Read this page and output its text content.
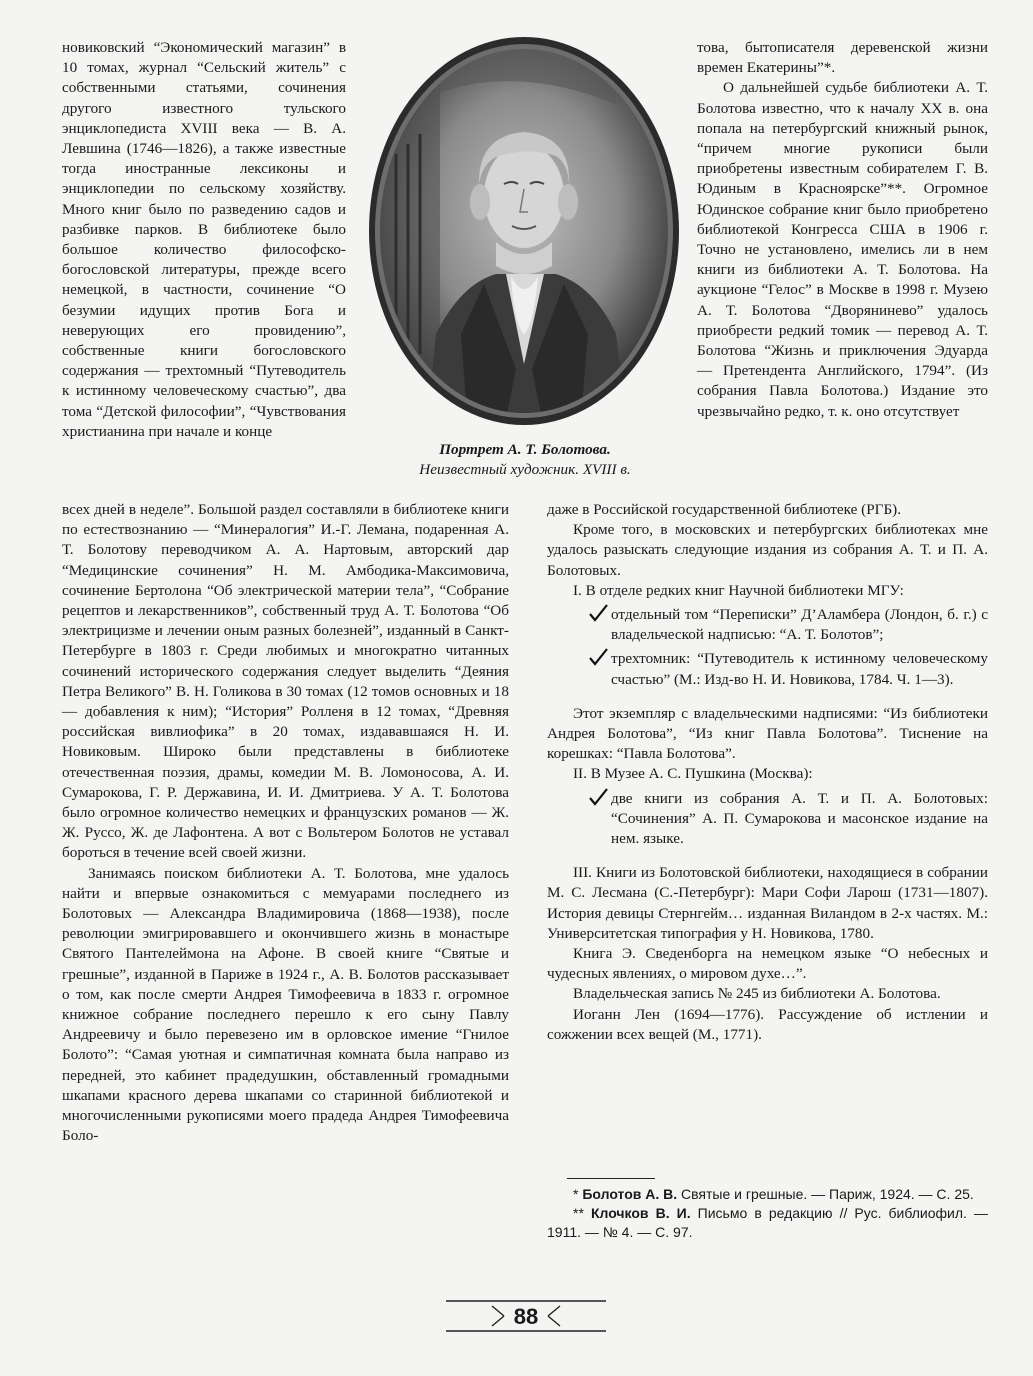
новиковский “Экономический магазин” в 10 томах, журнал “Сельский житель” с собственными статьями, сочинения другого известного тульского энциклопедиста XVIII века — В. А. Левшина (1746—1826), а также известные тогда иностранные лексиконы и энциклопедии по сельскому хозяйству. Много книг было по разведению садов и разбивке парков. В библиотеке было большое количество философско-богословской литературы, прежде всего немецкой, в частности, сочинение “О безумии идущих против Бога и неверующих его провидению”, собственные книги богословского содержания — трехтомный “Путеводитель к истинному человеческому счастью”, два тома “Детской философии”, “Чувствования христианина при начале и конце

Портрет А. Т. Болотова.
Неизвестный художник. XVIII в.

това, бытописателя деревенской жизни времен Екатерины”*.

О дальнейшей судьбе библиотеки А. Т. Болотова известно, что к началу XX в. она попала на петербургский книжный рынок, “причем многие рукописи были приобретены известным собирателем Г. В. Юдиным в Красноярске”**. Огромное Юдинское собрание книг было приобретено библиотекой Конгресса США в 1906 г. Точно не установлено, имелись ли в нем книги из библиотеки А. Т. Болотова. На аукционе “Гелос” в Москве в 1998 г. Музею А. Т. Болотова “Дворянинево” удалось приобрести редкий томик — перевод А. Т. Болотова “Жизнь и приключения Эдуарда — Претендента Английского, 1794”. (Из собрания Павла Болотова.) Издание это чрезвычайно редко, т. к. оно отсутствует

всех дней в неделе”. Большой раздел составляли в библиотеке книги по естествознанию — “Минералогия” И.-Г. Лемана, подаренная А. Т. Болотову переводчиком А. А. Нартовым, авторский дар “Медицинские сочинения” Н. М. Амбодика-Максимовича, сочинение Бертолона “Об электрической материи тела”, “Собрание рецептов и лекарственников”, собственный труд А. Т. Болотова “Об электрицизме и лечении оным разных болезней”, изданный в Санкт-Петербурге в 1803 г. Среди любимых и многократно читанных сочинений исторического содержания следует выделить “Деяния Петра Великого” В. Н. Голикова в 30 томах (12 томов основных и 18 — добавления к ним); “История” Ролленя в 12 томах, “Древняя российская вивлиофика” в 20 томах, издававшаяся Н. И. Новиковым. Широко были представлены в библиотеке отечественная поэзия, драмы, комедии М. В. Ломоносова, А. И. Сумарокова, Г. Р. Державина, И. И. Дмитриева. У А. Т. Болотова было огромное количество немецких и французских романов — Ж. Ж. Руссо, Ж. де Лафонтена. А вот с Вольтером Болотов не уставал бороться в течение всей своей жизни.

Занимаясь поиском библиотеки А. Т. Болотова, мне удалось найти и впервые ознакомиться с мемуарами последнего из Болотовых — Александра Владимировича (1868—1938), после революции эмигрировавшего и окончившего жизнь в монастыре Святого Пантелеймона на Афоне. В своей книге “Святые и грешные”, изданной в Париже в 1924 г., А. В. Болотов рассказывает о том, как после смерти Андрея Тимофеевича в 1833 г. огромное книжное собрание последнего перешло к его сыну Павлу Андреевичу и было перевезено им в орловское имение “Гнилое Болото”: “Самая уютная и симпатичная комната была направо из передней, это кабинет прадедушкин, обставленный громадными шкапами красного дерева шкапами со старинной библиотекой и многочисленными рукописями моего прадеда Андрея Тимофеевича Боло-

даже в Российской государственной библиотеке (РГБ).

Кроме того, в московских и петербургских библиотеках мне удалось разыскать следующие издания из собрания А. Т. и П. А. Болотовых.

I. В отделе редких книг Научной библиотеки МГУ:

отдельный том “Переписки” Д’Аламбера (Лондон, б. г.) с владельческой надписью: “А. Т. Болотов”;
трехтомник: “Путеводитель к истинному человеческому счастью” (М.: Изд-во Н. И. Новикова, 1784. Ч. 1—3).

Этот экземпляр с владельческими надписями: “Из библиотеки Андрея Болотова”, “Из книг Павла Болотова”. Тиснение на корешках: “Павла Болотова”.

II. В Музее А. С. Пушкина (Москва):

две книги из собрания А. Т. и П. А. Болотовых: “Сочинения” А. П. Сумарокова и масонское издание на нем. языке.

III. Книги из Болотовской библиотеки, находящиеся в собрании М. С. Лесмана (С.-Петербург): Мари Софи Ларош (1731—1807). История девицы Стернгейм… изданная Виландом в 2-х частях. М.: Университетская типография у Н. Новикова, 1780.

Книга Э. Сведенборга на немецком языке “О небесных и чудесных явлениях, о мировом духе…”.

Владельческая запись № 245 из библиотеки А. Болотова.

Иоганн Лен (1694—1776). Рассуждение об истлении и сожжении всех вещей (М., 1771).

* Болотов А. В. Святые и грешные. — Париж, 1924. — С. 25.

** Клочков В. И. Письмо в редакцию // Рус. библиофил. — 1911. — № 4. — С. 97.

88
